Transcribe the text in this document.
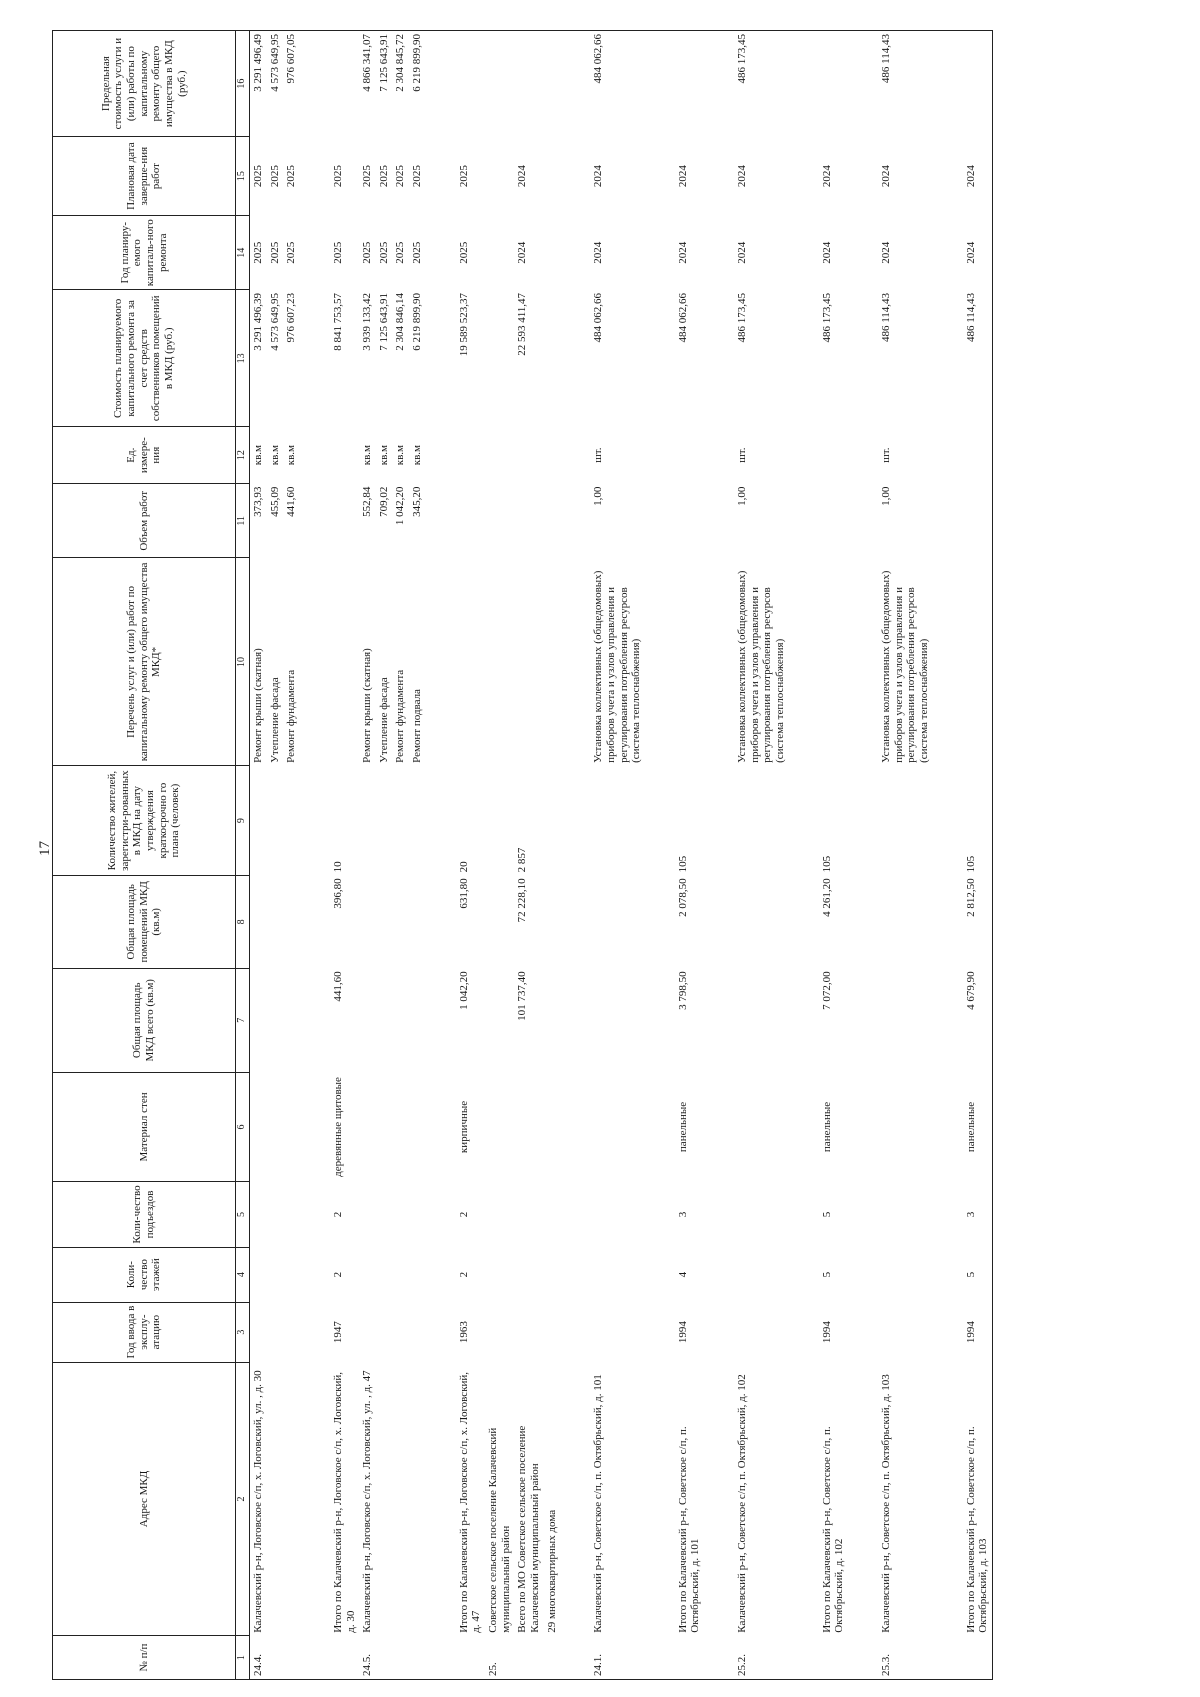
17
№ п/п	Адрес МКД	Год ввода в эксплу-атацию	Коли-чество этажей	Коли-чество подъездов	Материал стен	Общая площадь МКД всего (кв.м)	Общая площадь помещений МКД (кв.м)	Количество жителей, зарегистри-рованных в МКД на дату утверждения краткосрочно го плана (человек)	Перечень услуг и (или) работ по капитальному ремонту общего имущества МКД*	Объем работ	Ед. измере-ния	Стоимость планируемого капитального ремонта за счет средств собственников помещений в МКД (руб.)	Год планиру-емого капиталь-ного ремонта	Плановая дата заверше-ния работ	Предельная стоимость услуги и (или) работы по капитальному ремонту общего имущества в МКД (руб.)
1	2	3	4	5	6	7	8	9	10	11	12	13	14	15	16
24.4.	Калачевский р-н, Логовское с/п, х. Логовский, ул. , д. 30								Ремонт крыши (скатная)	373,93	кв.м	3 291 496,39	2025	2025	3 291 496,49
									Утепление фасада	455,09	кв.м	4 573 649,95	2025	2025	4 573 649,95
									Ремонт фундамента	441,60	кв.м	976 607,23	2025	2025	976 607,05

	Итого по Калачевский р-н, Логовское с/п, х. Логовский, д. 30	1947	2	2	деревянные щитовые	441,60	396,80	10				8 841 753,57	2025	2025	
24.5.	Калачевский р-н, Логовское с/п, х. Логовский, ул. , д. 47								Ремонт крыши (скатная)	552,84	кв.м	3 939 133,42	2025	2025	4 866 341,07
									Утепление фасада	709,02	кв.м	7 125 643,91	2025	2025	7 125 643,91
									Ремонт фундамента	1 042,20	кв.м	2 304 846,14	2025	2025	2 304 845,72
									Ремонт подвала	345,20	кв.м	6 219 899,90	2025	2025	6 219 899,90

	Итого по Калачевский р-н, Логовское с/п, х. Логовский, д. 47	1963	2	2	кирпичные	1 042,20	631,80	20				19 589 523,37	2025	2025	
25.	Советское сельское поселение Калачевский муниципальный район														
	Всего по МО Советское сельское поселение Калачевский муниципальный район					101 737,40	72 228,10	2 857				22 593 411,47	2024	2024	
	29 многоквартирных дома														

24.1.	Калачевский р-н, Советское с/п, п. Октябрьский, д. 101								Установка коллективных (общедомовых) приборов учета и узлов управления и регулирования потребления ресурсов (система теплоснабжения)	1,00	шт.	484 062,66	2024	2024	484 062,66

	Итого по Калачевский р-н, Советское с/п, п. Октябрьский, д. 101	1994	4	3	панельные	3 798,50	2 078,50	105				484 062,66	2024	2024	

25.2.	Калачевский р-н, Советское с/п, п. Октябрьский, д. 102								Установка коллективных (общедомовых) приборов учета и узлов управления и регулирования потребления ресурсов (система теплоснабжения)	1,00	шт.	486 173,45	2024	2024	486 173,45

	Итого по Калачевский р-н, Советское с/п, п. Октябрьский, д. 102	1994	5	5	панельные	7 072,00	4 261,20	105				486 173,45	2024	2024	

25.3.	Калачевский р-н, Советское с/п, п. Октябрьский, д. 103								Установка коллективных (общедомовых) приборов учета и узлов управления и регулирования потребления ресурсов (система теплоснабжения)	1,00	шт.	486 114,43	2024	2024	486 114,43

	Итого по Калачевский р-н, Советское с/п, п. Октябрьский, д. 103	1994	5	3	панельные	4 679,90	2 812,50	105				486 114,43	2024	2024	
